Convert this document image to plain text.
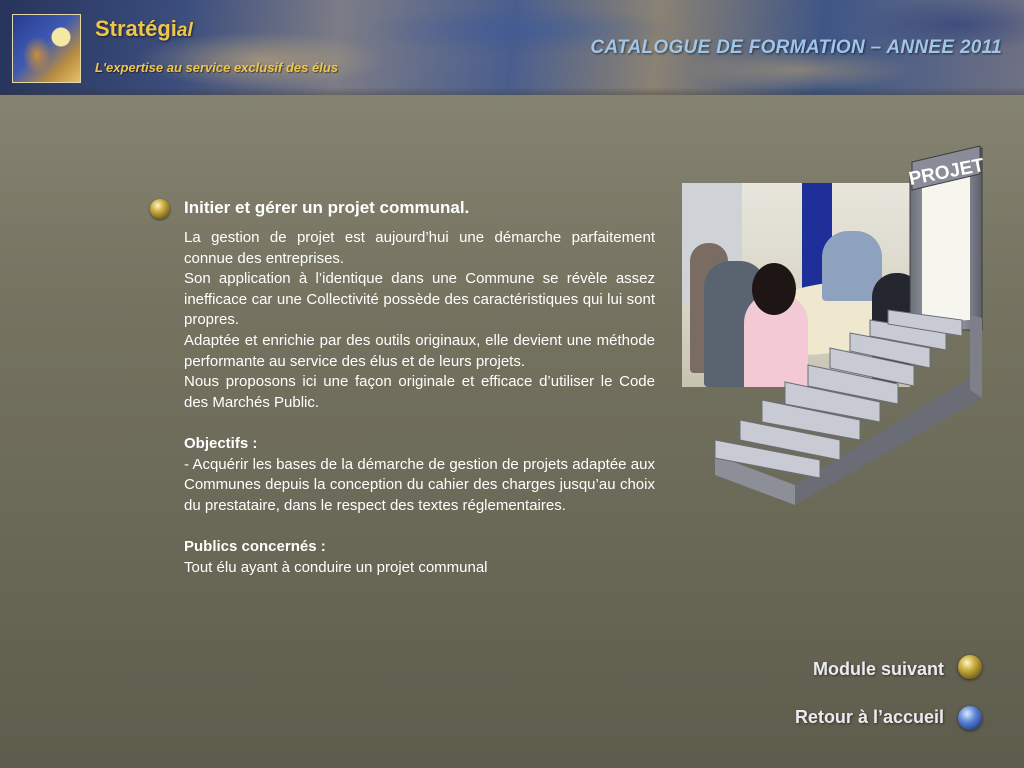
Stratégial
L'expertise au service exclusif des élus
CATALOGUE DE FORMATION – ANNEE 2011
Initier et gérer un projet communal.

La gestion de projet est aujourd’hui une démarche parfaitement connue des entreprises.

Son application à l’identique dans une Commune se révèle assez inefficace car une Collectivité possède des caractéristiques qui lui sont propres.

Adaptée et enrichie par des outils originaux, elle devient une méthode performante au service des élus et de leurs projets.

Nous proposons ici une façon originale et efficace d’utiliser le Code des Marchés Public.

Objectifs :

- Acquérir les bases de la démarche de gestion de projets adaptée aux Communes depuis la conception du cahier des charges jusqu’au choix du prestataire, dans le respect des textes réglementaires.

Publics concernés :

Tout élu ayant à conduire un projet communal

PROJET
Module suivant
Retour à l’accueil
